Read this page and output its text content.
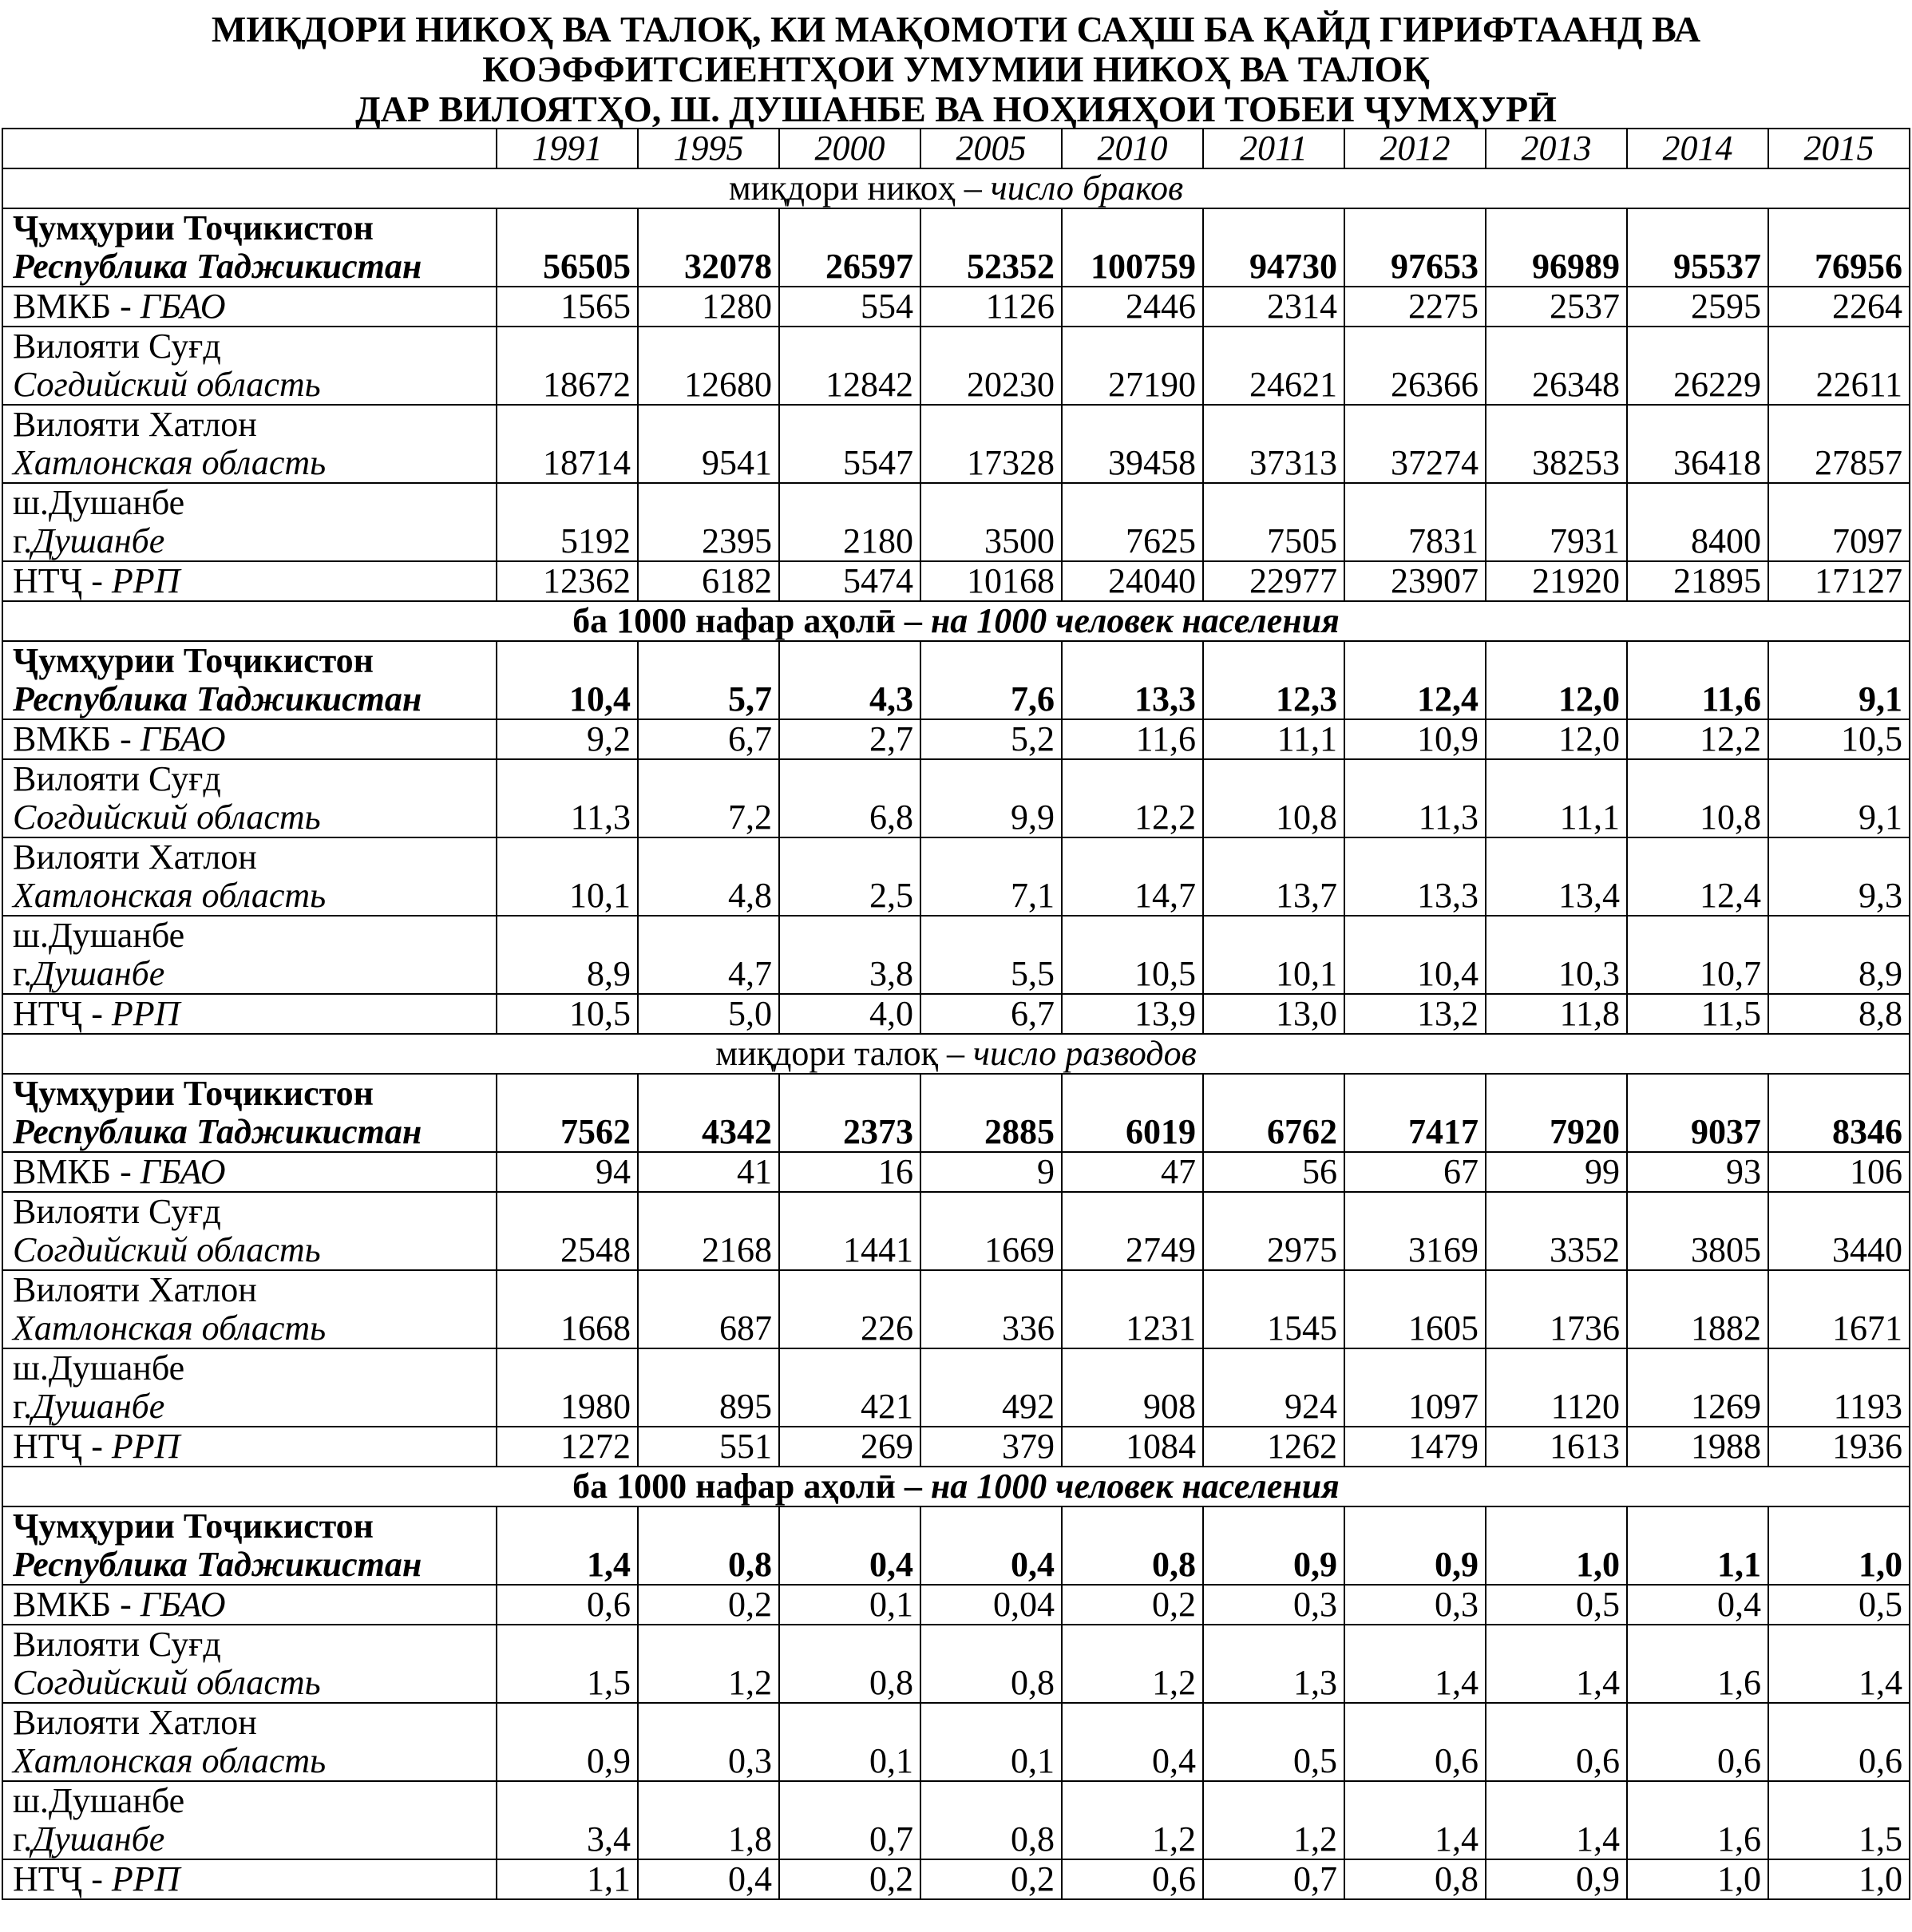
МИҚДОРИ НИКОҲ ВА ТАЛОҚ, КИ МАҚОМОТИ САҲШ БА ҚАЙД ГИРИФТААНД ВА
КОЭФФИТСИЕНТҲОИ УМУМИИ НИКОҲ ВА ТАЛОҚ
ДАР ВИЛОЯТҲО, Ш. ДУШАНБЕ ВА НОҲИЯҲОИ ТОБЕИ ҶУМҲУРӢ
	1991	1995	2000	2005	2010	2011	2012	2013	2014	2015
миқдори никоҳ – число браков										
Ҷумҳурии Тоҷикистон
Республика Таджикистан	56505	32078	26597	52352	100759	94730	97653	96989	95537	76956
ВМКБ - ГБАО	1565	1280	554	1126	2446	2314	2275	2537	2595	2264
Вилояти Суғд
Согдийский область	18672	12680	12842	20230	27190	24621	26366	26348	26229	22611
Вилояти Хатлон
Хатлонская область	18714	9541	5547	17328	39458	37313	37274	38253	36418	27857
ш.Душанбе
г.Душанбе	5192	2395	2180	3500	7625	7505	7831	7931	8400	7097
НТҶ - РРП	12362	6182	5474	10168	24040	22977	23907	21920	21895	17127
ба 1000 нафар аҳолӣ – на 1000 человек населения										
Ҷумҳурии Тоҷикистон
Республика Таджикистан	10,4	5,7	4,3	7,6	13,3	12,3	12,4	12,0	11,6	9,1
ВМКБ - ГБАО	9,2	6,7	2,7	5,2	11,6	11,1	10,9	12,0	12,2	10,5
Вилояти Суғд
Согдийский область	11,3	7,2	6,8	9,9	12,2	10,8	11,3	11,1	10,8	9,1
Вилояти Хатлон
Хатлонская область	10,1	4,8	2,5	7,1	14,7	13,7	13,3	13,4	12,4	9,3
ш.Душанбе
г.Душанбе	8,9	4,7	3,8	5,5	10,5	10,1	10,4	10,3	10,7	8,9
НТҶ - РРП	10,5	5,0	4,0	6,7	13,9	13,0	13,2	11,8	11,5	8,8
миқдори талоқ – число разводов										
Ҷумҳурии Тоҷикистон
Республика Таджикистан	7562	4342	2373	2885	6019	6762	7417	7920	9037	8346
ВМКБ - ГБАО	94	41	16	9	47	56	67	99	93	106
Вилояти Суғд
Согдийский область	2548	2168	1441	1669	2749	2975	3169	3352	3805	3440
Вилояти Хатлон
Хатлонская область	1668	687	226	336	1231	1545	1605	1736	1882	1671
ш.Душанбе
г.Душанбе	1980	895	421	492	908	924	1097	1120	1269	1193
НТҶ - РРП	1272	551	269	379	1084	1262	1479	1613	1988	1936
ба 1000 нафар аҳолӣ – на 1000 человек населения										
Ҷумҳурии Тоҷикистон
Республика Таджикистан	1,4	0,8	0,4	0,4	0,8	0,9	0,9	1,0	1,1	1,0
ВМКБ - ГБАО	0,6	0,2	0,1	0,04	0,2	0,3	0,3	0,5	0,4	0,5
Вилояти Суғд
Согдийский область	1,5	1,2	0,8	0,8	1,2	1,3	1,4	1,4	1,6	1,4
Вилояти Хатлон
Хатлонская область	0,9	0,3	0,1	0,1	0,4	0,5	0,6	0,6	0,6	0,6
ш.Душанбе
г.Душанбе	3,4	1,8	0,7	0,8	1,2	1,2	1,4	1,4	1,6	1,5
НТҶ - РРП	1,1	0,4	0,2	0,2	0,6	0,7	0,8	0,9	1,0	1,0
